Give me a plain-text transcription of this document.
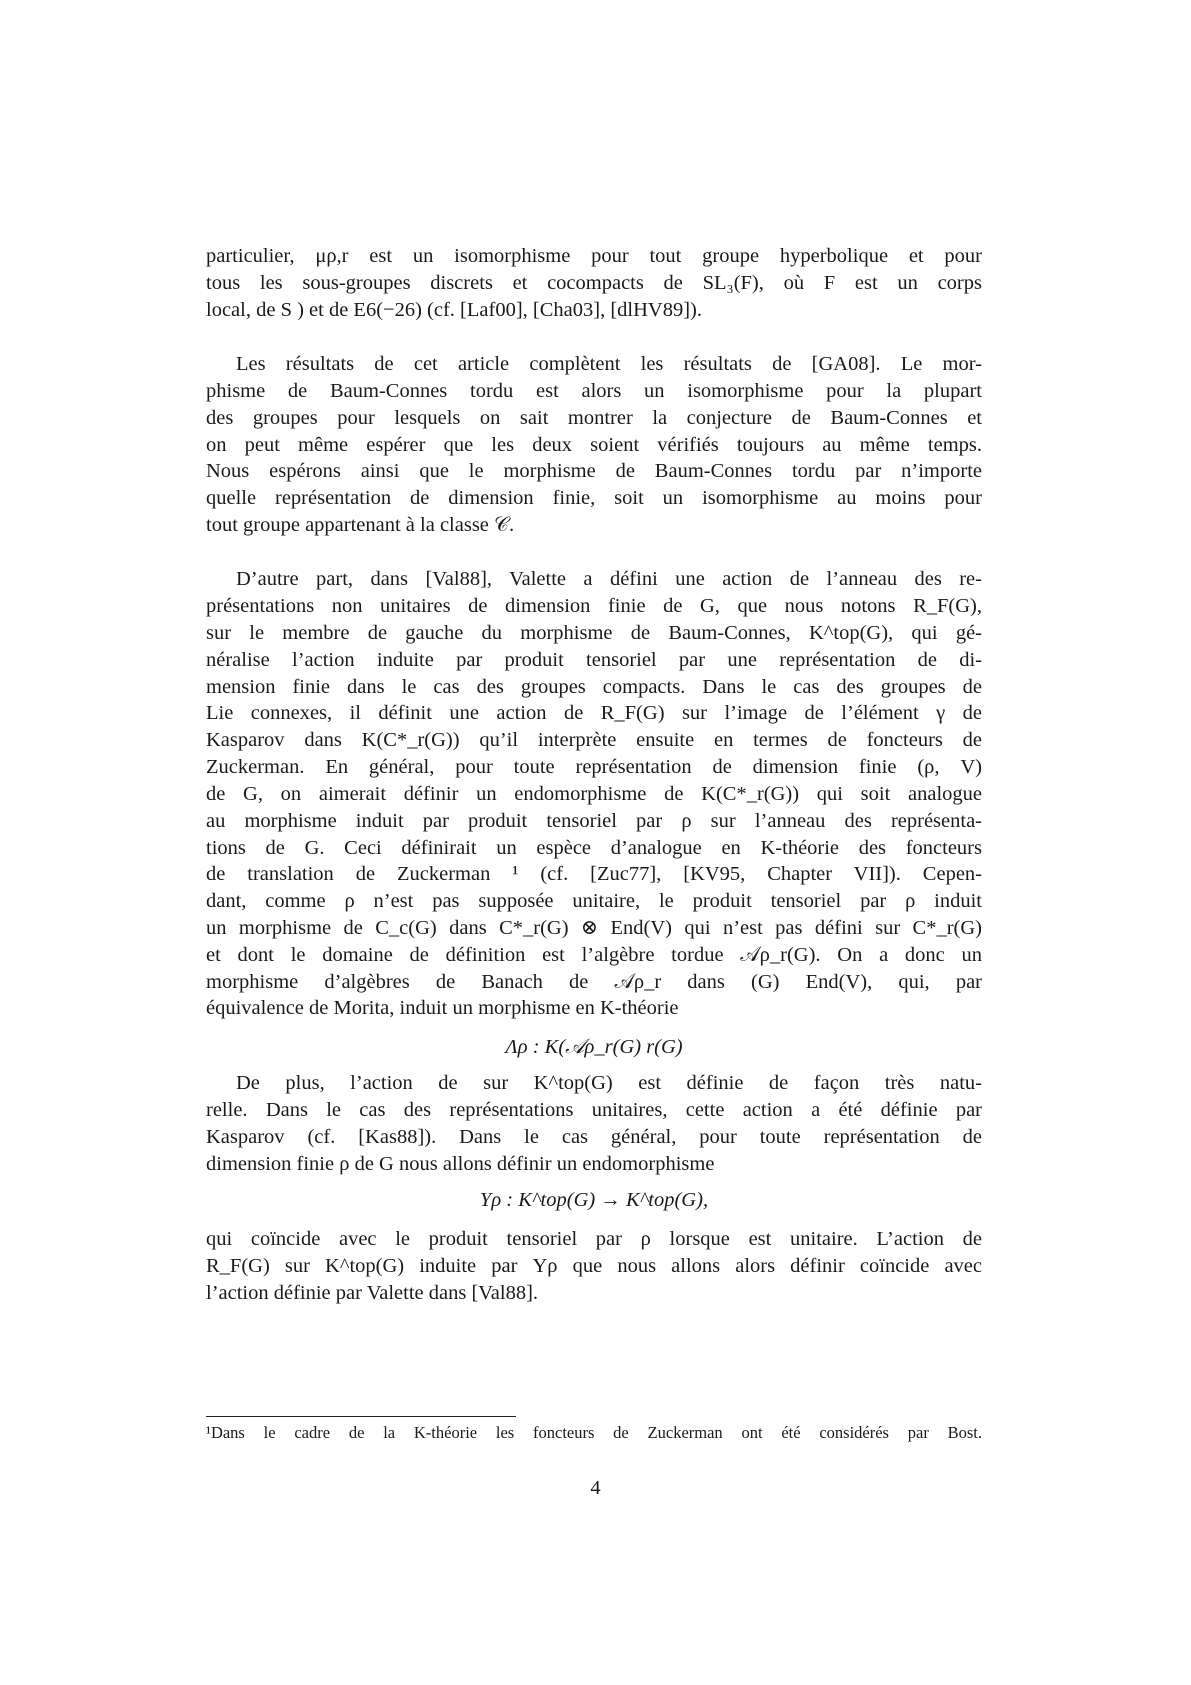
particulier, μρ,r est un isomorphisme pour tout groupe hyperbolique et pour
tous les sous-groupes discrets et cocompacts de SL₃(F), où F est un corps
local, de S ) et de E6(−26) (cf. [Laf00], [Cha03], [dlHV89]).
Les résultats de cet article complètent les résultats de [GA08]. Le mor-
phisme de Baum-Connes tordu est alors un isomorphisme pour la plupart
des groupes pour lesquels on sait montrer la conjecture de Baum-Connes et
on peut même espérer que les deux soient vérifiés toujours au même temps.
Nous espérons ainsi que le morphisme de Baum-Connes tordu par n’importe
quelle représentation de dimension finie, soit un isomorphisme au moins pour
tout groupe appartenant à la classe 𝒞.
D’autre part, dans [Val88], Valette a défini une action de l’anneau des re-
présentations non unitaires de dimension finie de G, que nous notons R_F(G),
sur le membre de gauche du morphisme de Baum-Connes, K^top(G), qui gé-
néralise l’action induite par produit tensoriel par une représentation de di-
mension finie dans le cas des groupes compacts. Dans le cas des groupes de
Lie connexes, il définit une action de R_F(G) sur l’image de l’élément γ de
Kasparov dans K(C*_r(G)) qu’il interprète ensuite en termes de foncteurs de
Zuckerman. En général, pour toute représentation de dimension finie (ρ, V)
de G, on aimerait définir un endomorphisme de K(C*_r(G)) qui soit analogue
au morphisme induit par produit tensoriel par ρ sur l’anneau des représenta-
tions de G. Ceci définirait un espèce d’analogue en K-théorie des foncteurs
de translation de Zuckerman ¹ (cf. [Zuc77], [KV95, Chapter VII]). Cepen-
dant, comme ρ n’est pas supposée unitaire, le produit tensoriel par ρ induit
un morphisme de C_c(G) dans C*_r(G) ⊗ End(V) qui n’est pas défini sur C*_r(G)
et dont le domaine de définition est l’algèbre tordue 𝒜ρ_r(G). On a donc un
morphisme d’algèbres de Banach de 𝒜ρ_r dans (G) End(V), qui, par
équivalence de Morita, induit un morphisme en K-théorie
Λρ : K(𝒜ρ_r(G) r(G)
De plus, l’action de sur K^top(G) est définie de façon très natu-
relle. Dans le cas des représentations unitaires, cette action a été définie par
Kasparov (cf. [Kas88]). Dans le cas général, pour toute représentation de
dimension finie ρ de G nous allons définir un endomorphisme
Υρ : K^top(G) → K^top(G),
qui coïncide avec le produit tensoriel par ρ lorsque est unitaire. L’action de
R_F(G) sur K^top(G) induite par Υρ que nous allons alors définir coïncide avec
l’action définie par Valette dans [Val88].
¹Dans le cadre de la K-théorie les foncteurs de Zuckerman ont été considérés par Bost.
4
